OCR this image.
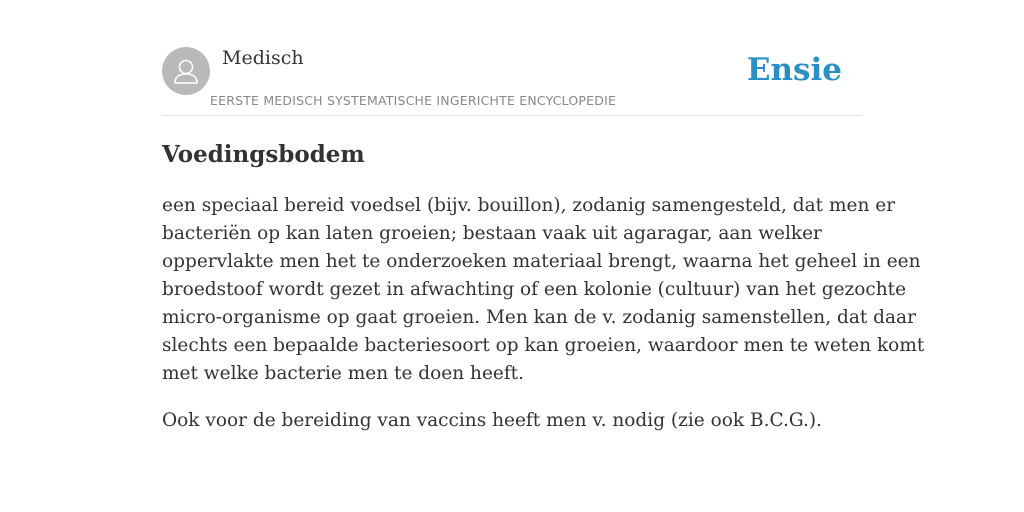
Medisch
EERSTE MEDISCH SYSTEMATISCHE INGERICHTE ENCYCLOPEDIE
Ensie
Voedingsbodem
een speciaal bereid voedsel (bijv. bouillon), zodanig samengesteld, dat men er
bacteriën op kan laten groeien; bestaan vaak uit agaragar, aan welker
oppervlakte men het te onderzoeken materiaal brengt, waarna het geheel in een
broedstoof wordt gezet in afwachting of een kolonie (cultuur) van het gezochte
micro-organisme op gaat groeien. Men kan de v. zodanig samenstellen, dat daar
slechts een bepaalde bacteriesoort op kan groeien, waardoor men te weten komt
met welke bacterie men te doen heeft.

Ook voor de bereiding van vaccins heeft men v. nodig (zie ook B.C.G.).
